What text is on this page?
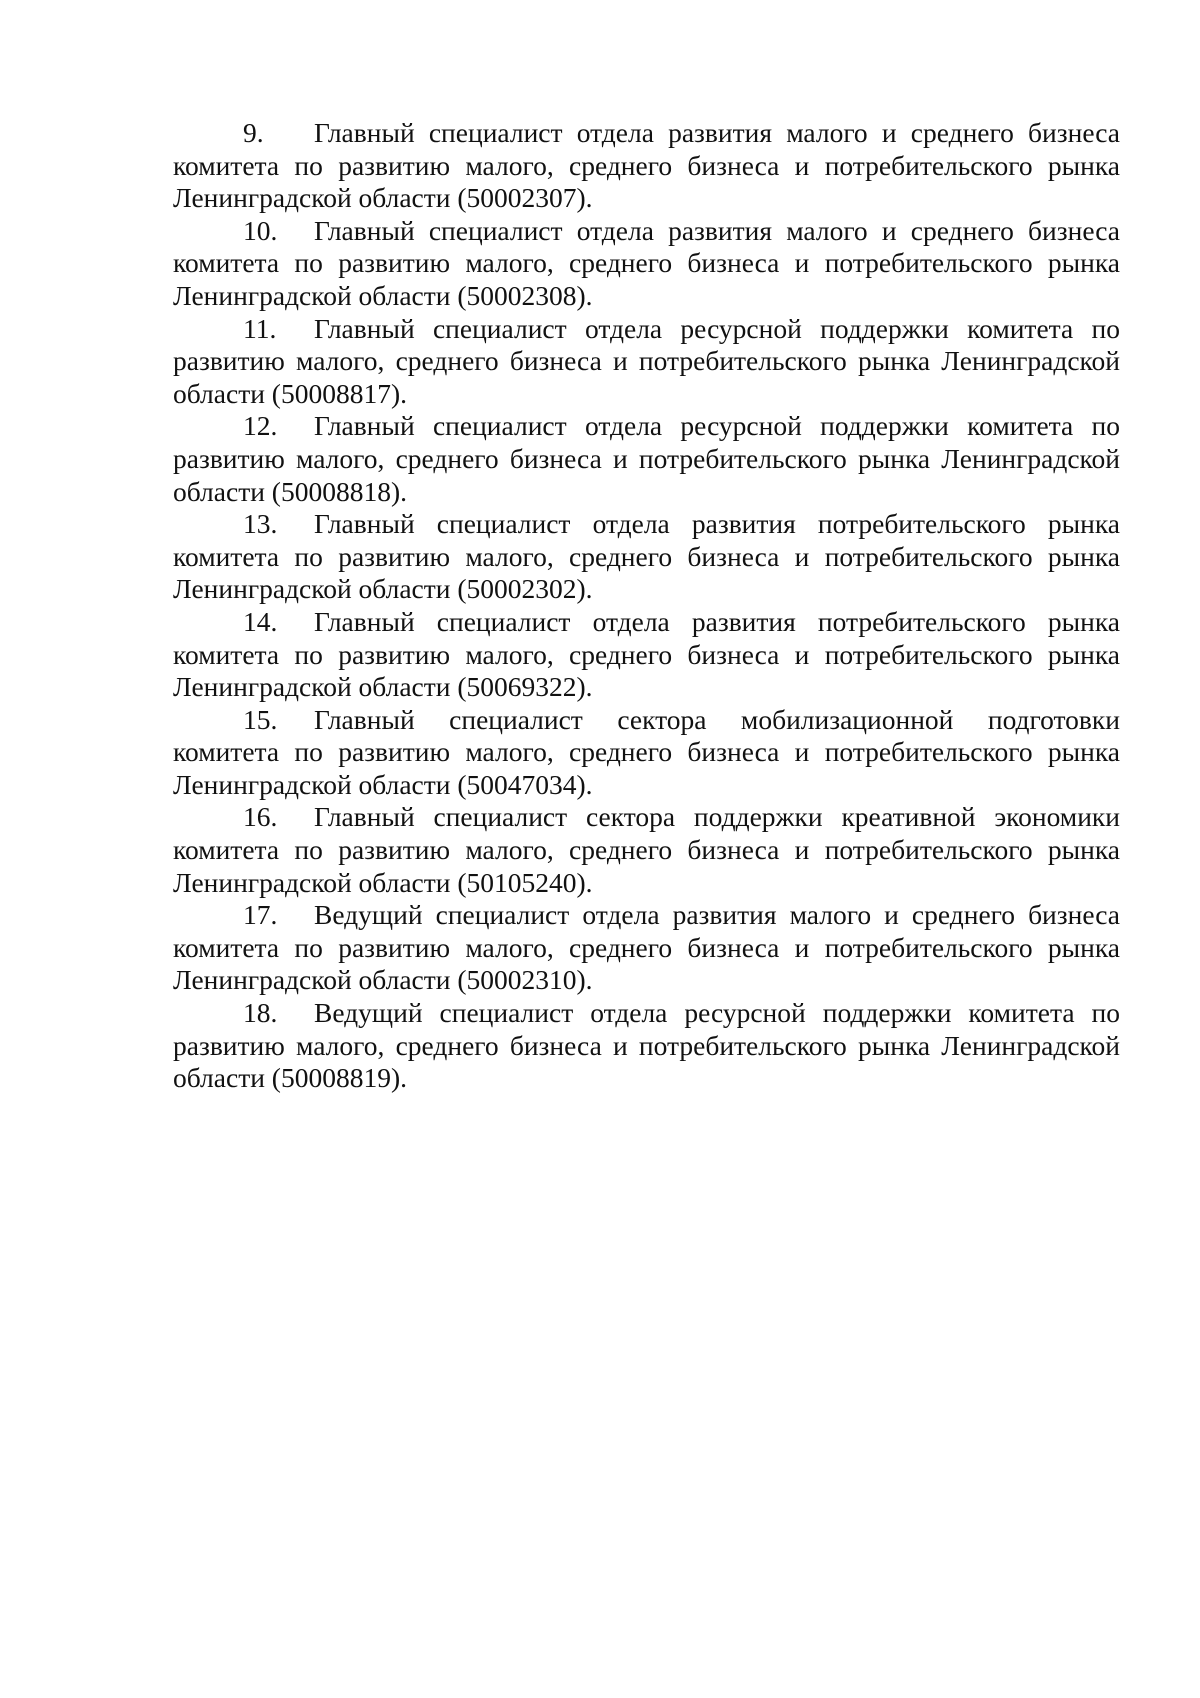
9. Главный специалист отдела развития малого и среднего бизнеса комитета по развитию малого, среднего бизнеса и потребительского рынка Ленинградской области (50002307).

10. Главный специалист отдела развития малого и среднего бизнеса комитета по развитию малого, среднего бизнеса и потребительского рынка Ленинградской области (50002308).

11. Главный специалист отдела ресурсной поддержки комитета по развитию малого, среднего бизнеса и потребительского рынка Ленинградской области (50008817).

12. Главный специалист отдела ресурсной поддержки комитета по развитию малого, среднего бизнеса и потребительского рынка Ленинградской области (50008818).

13. Главный специалист отдела развития потребительского рынка комитета по развитию малого, среднего бизнеса и потребительского рынка Ленинградской области (50002302).

14. Главный специалист отдела развития потребительского рынка комитета по развитию малого, среднего бизнеса и потребительского рынка Ленинградской области (50069322).

15. Главный специалист сектора мобилизационной подготовки комитета по развитию малого, среднего бизнеса и потребительского рынка Ленинградской области (50047034).

16. Главный специалист сектора поддержки креативной экономики комитета по развитию малого, среднего бизнеса и потребительского рынка Ленинградской области (50105240).

17. Ведущий специалист отдела развития малого и среднего бизнеса комитета по развитию малого, среднего бизнеса и потребительского рынка Ленинградской области (50002310).

18. Ведущий специалист отдела ресурсной поддержки комитета по развитию малого, среднего бизнеса и потребительского рынка Ленинградской области (50008819).
